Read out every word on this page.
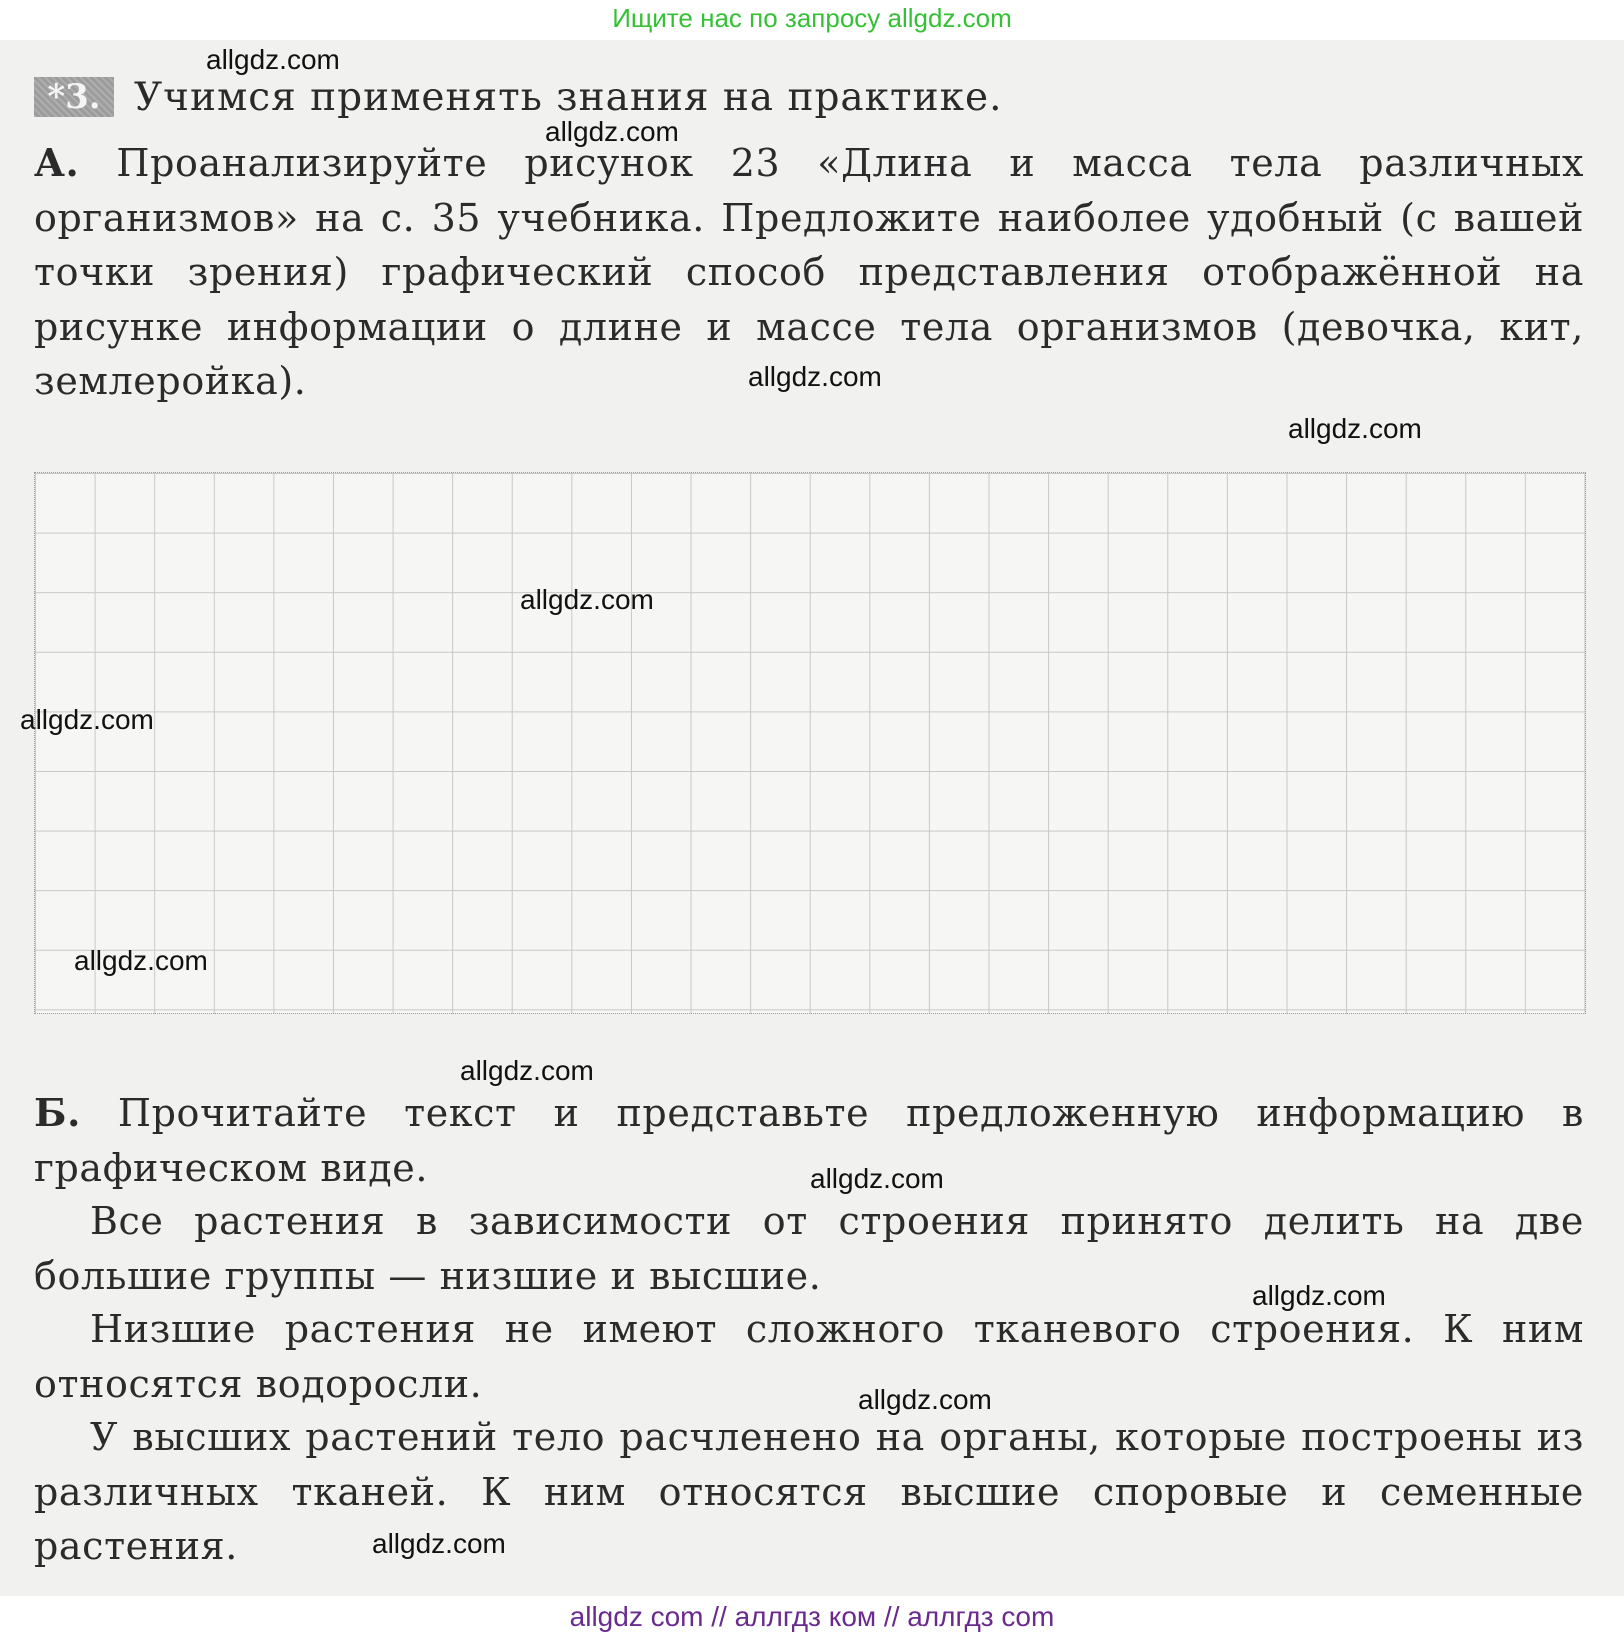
Ищите нас по запросу allgdz.com
*3. Учимся применять знания на практике.

А. Проанализируйте рисунок 23 «Длина и масса тела различных организмов» на с. 35 учебника. Предложите наиболее удобный (с вашей точки зрения) графический способ представления отображённой на рисунке информации о длине и массе тела организмов (девочка, кит, землеройка).

Б. Прочитайте текст и представьте предложенную информацию в графическом виде.

Все растения в зависимости от строения принято делить на две большие группы — низшие и высшие.

Низшие растения не имеют сложного тканевого строения. К ним относятся водоросли.

У высших растений тело расчленено на органы, которые построены из различных тканей. К ним относятся высшие споровые и семенные растения.

allgdz.com
allgdz.com
allgdz.com
allgdz.com
allgdz.com
allgdz.com
allgdz.com
allgdz.com
allgdz.com
allgdz.com
allgdz.com
allgdz.com
allgdz com // аллгдз ком // аллгдз com
